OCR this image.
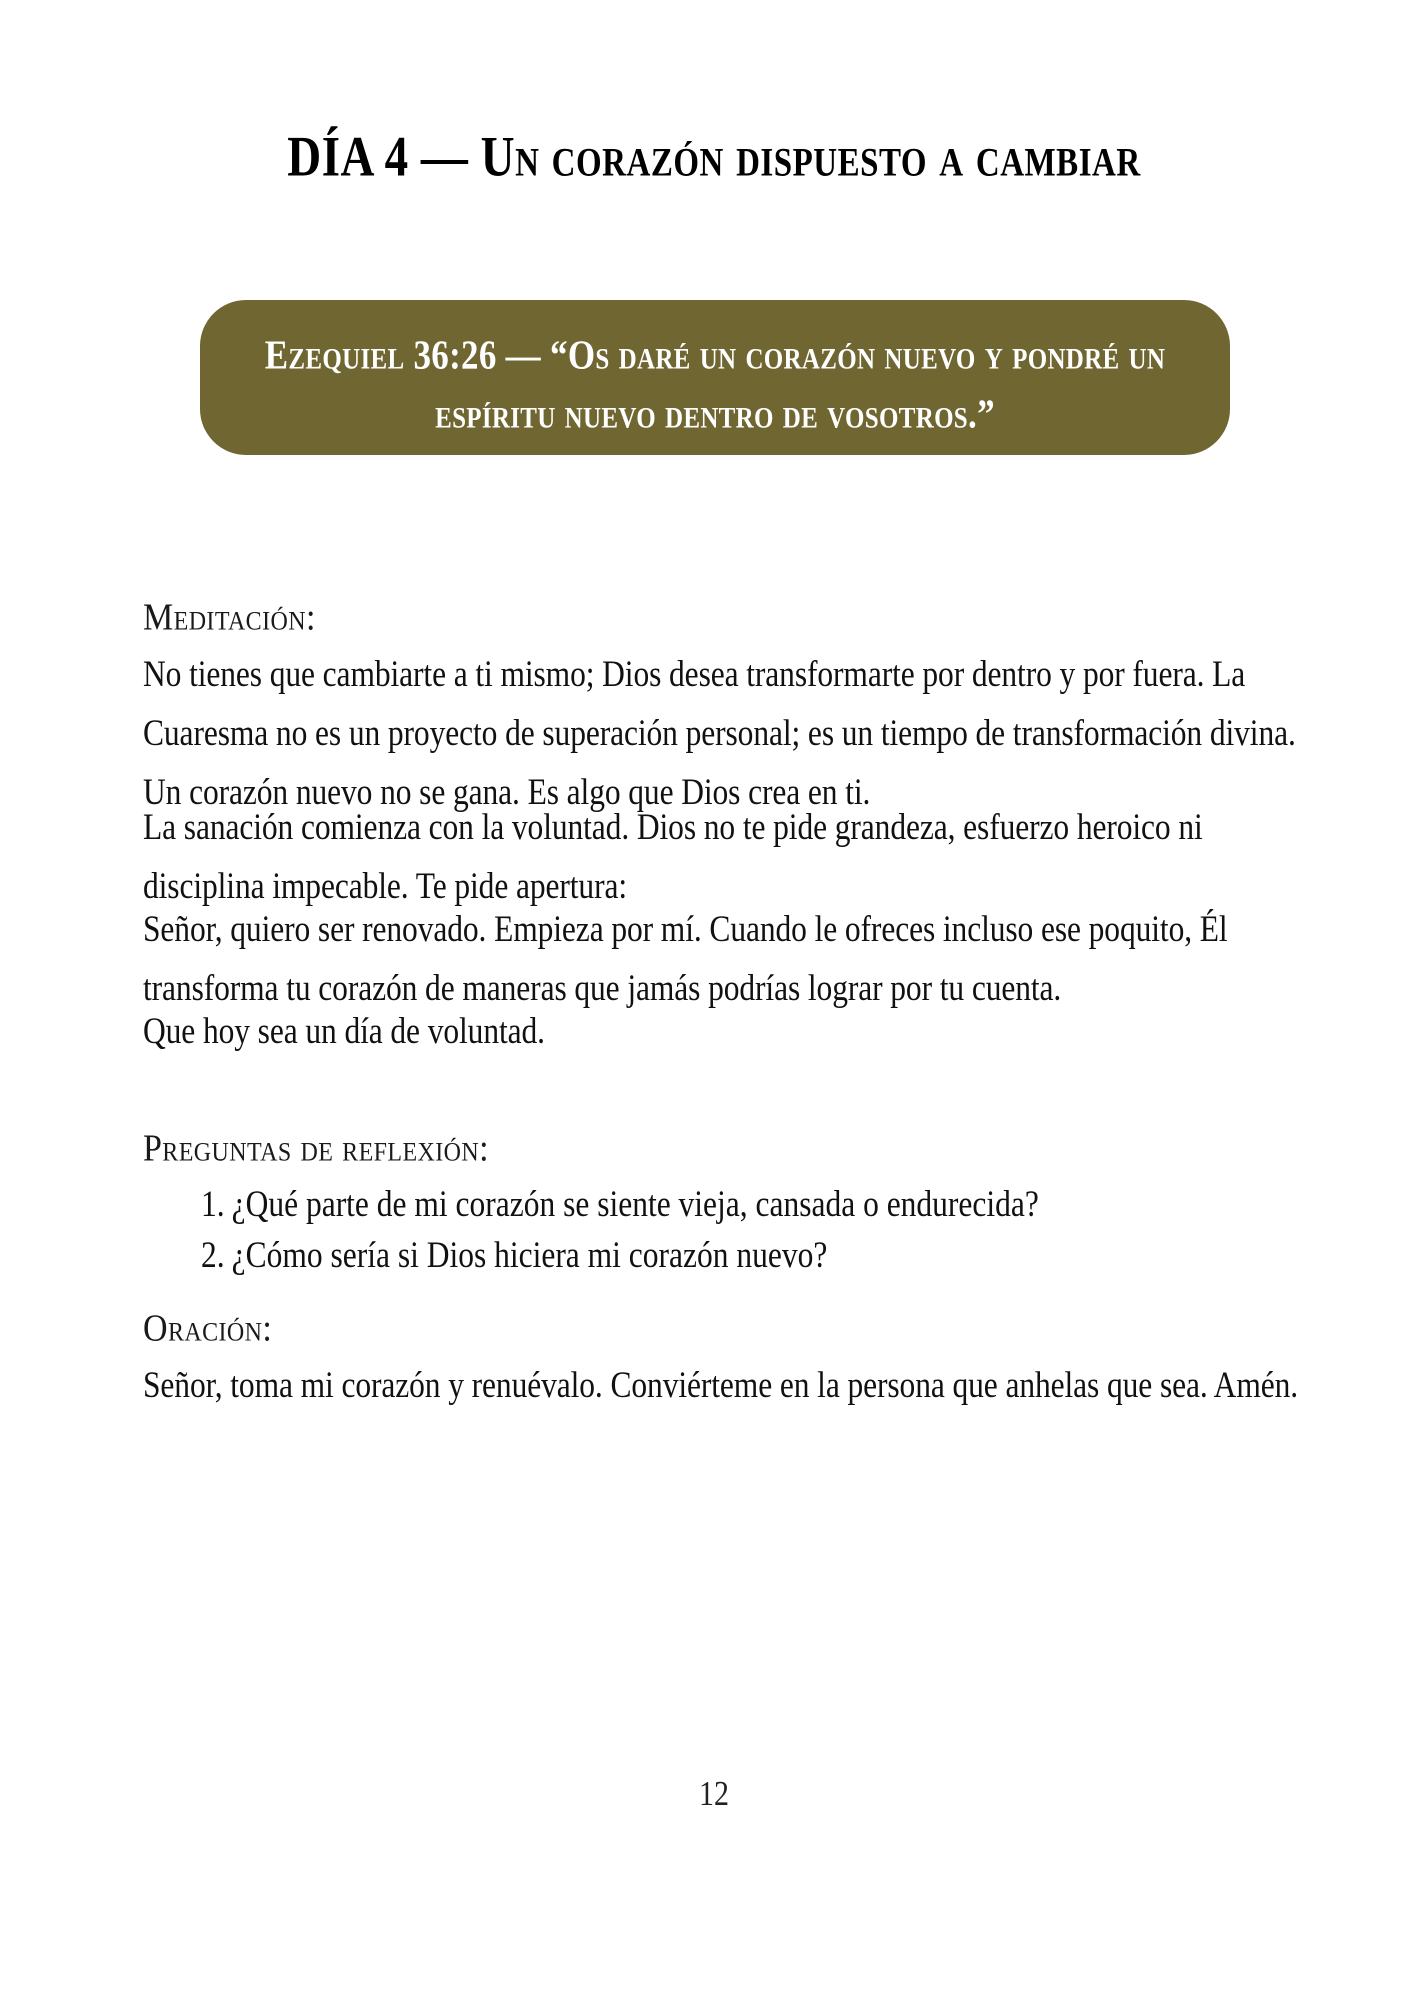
DÍA 4 — Un corazón dispuesto a cambiar

Ezequiel 36:26 — “Os daré un corazón nuevo y pondré un espíritu nuevo dentro de vosotros.”

Meditación:

No tienes que cambiarte a ti mismo; Dios desea transformarte por dentro y por fuera. La Cuaresma no es un proyecto de superación personal; es un tiempo de transformación divina. Un corazón nuevo no se gana. Es algo que Dios crea en ti.

La sanación comienza con la voluntad. Dios no te pide grandeza, esfuerzo heroico ni disciplina impecable. Te pide apertura:

Señor, quiero ser renovado. Empieza por mí. Cuando le ofreces incluso ese poquito, Él transforma tu corazón de maneras que jamás podrías lograr por tu cuenta.

Que hoy sea un día de voluntad.

Preguntas de reflexión:
1. ¿Qué parte de mi corazón se siente vieja, cansada o endurecida?
2. ¿Cómo sería si Dios hiciera mi corazón nuevo?
Oración:

Señor, toma mi corazón y renuévalo. Conviérteme en la persona que anhelas que sea. Amén.

12
